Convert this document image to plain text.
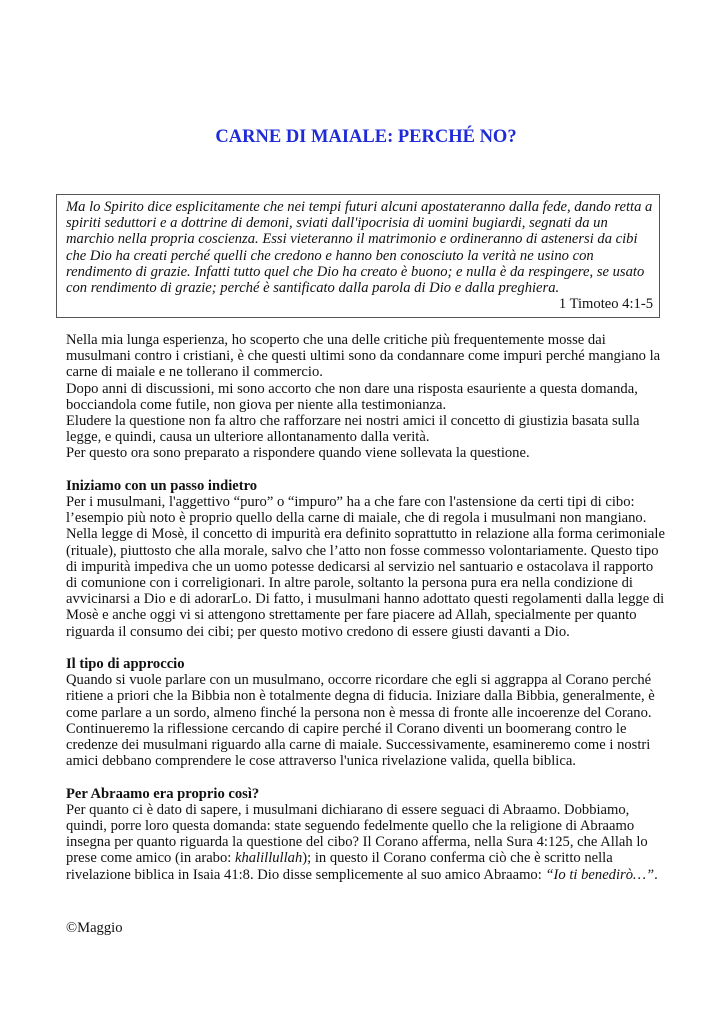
CARNE DI MAIALE: PERCHÉ NO?
Ma lo Spirito dice esplicitamente che nei tempi futuri alcuni apostateranno dalla fede, dando retta a spiriti seduttori e a dottrine di demoni, sviati dall'ipocrisia di uomini bugiardi, segnati da un marchio nella propria coscienza. Essi vieteranno il matrimonio e ordineranno di astenersi da cibi che Dio ha creati perché quelli che credono e hanno ben conosciuto la verità ne usino con rendimento di grazie. Infatti tutto quel che Dio ha creato è buono; e nulla è da respingere, se usato con rendimento di grazie; perché è santificato dalla parola di Dio e dalla preghiera.
1 Timoteo 4:1-5

Nella mia lunga esperienza, ho scoperto che una delle critiche più frequentemente mosse dai musulmani contro i cristiani, è che questi ultimi sono da condannare come impuri perché mangiano la carne di maiale e ne tollerano il commercio.
Dopo anni di discussioni, mi sono accorto che non dare una risposta esauriente a questa domanda, bocciandola come futile, non giova per niente alla testimonianza.
Eludere la questione non fa altro che rafforzare nei nostri amici il concetto di giustizia basata sulla legge, e quindi, causa un ulteriore allontanamento dalla verità.
Per questo ora sono preparato a rispondere quando viene sollevata la questione.

Iniziamo con un passo indietro
Per i musulmani, l'aggettivo “puro” o “impuro” ha a che fare con l'astensione da certi tipi di cibo: l’esempio più noto è proprio quello della carne di maiale, che di regola i musulmani non mangiano. Nella legge di Mosè, il concetto di impurità era definito soprattutto in relazione alla forma cerimoniale (rituale), piuttosto che alla morale, salvo che l’atto non fosse commesso volontariamente. Questo tipo di impurità impediva che un uomo potesse dedicarsi al servizio nel santuario e ostacolava il rapporto di comunione con i correligionari. In altre parole, soltanto la persona pura era nella condizione di avvicinarsi a Dio e di adorarLo. Di fatto, i musulmani hanno adottato questi regolamenti dalla legge di Mosè e anche oggi vi si attengono strettamente per fare piacere ad Allah, specialmente per quanto riguarda il consumo dei cibi; per questo motivo credono di essere giusti davanti a Dio.

Il tipo di approccio
Quando si vuole parlare con un musulmano, occorre ricordare che egli si aggrappa al Corano perché ritiene a priori che la Bibbia non è totalmente degna di fiducia. Iniziare dalla Bibbia, generalmente, è come parlare a un sordo, almeno finché la persona non è messa di fronte alle incoerenze del Corano. Continueremo la riflessione cercando di capire perché il Corano diventi un boomerang contro le credenze dei musulmani riguardo alla carne di maiale. Successivamente, esamineremo come i nostri amici debbano comprendere le cose attraverso l'unica rivelazione valida, quella biblica.

Per Abraamo era proprio così?
Per quanto ci è dato di sapere, i musulmani dichiarano di essere seguaci di Abraamo. Dobbiamo, quindi, porre loro questa domanda: state seguendo fedelmente quello che la religione di Abraamo insegna per quanto riguarda la questione del cibo? Il Corano afferma, nella Sura 4:125, che Allah lo prese come amico (in arabo: khalillullah); in questo il Corano conferma ciò che è scritto nella rivelazione biblica in Isaia 41:8. Dio disse semplicemente al suo amico Abraamo: “Io ti benedirò…”.

©Maggio
